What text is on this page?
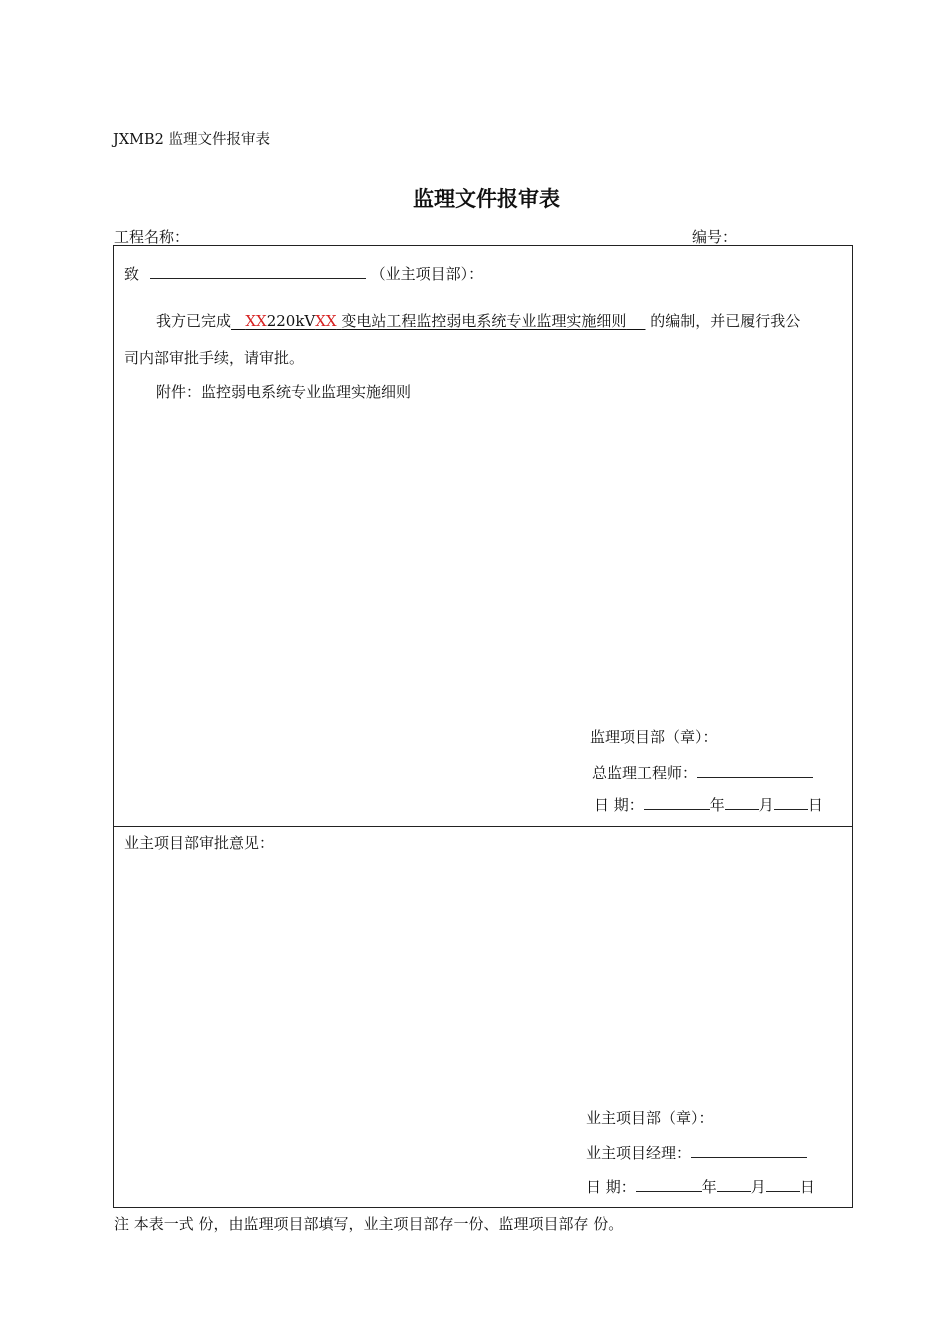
JXMB2 监理文件报审表
监理文件报审表
工程名称：	编号：
致	（业主项目部）：
我方已完成 XX220kVXX 变电站工程监控弱电系统专业监理实施细则 的编制，并已履行我公
司内部审批手续，请审批。
附件：监控弱电系统专业监理实施细则
监理项目部（章）：
总监理工程师：
日 期：	年 月 日
业主项目部审批意见：
业主项目部（章）：
业主项目经理：
日 期：	年 月 日
注 本表一式 份，由监理项目部填写，业主项目部存一份、监理项目部存 份。
